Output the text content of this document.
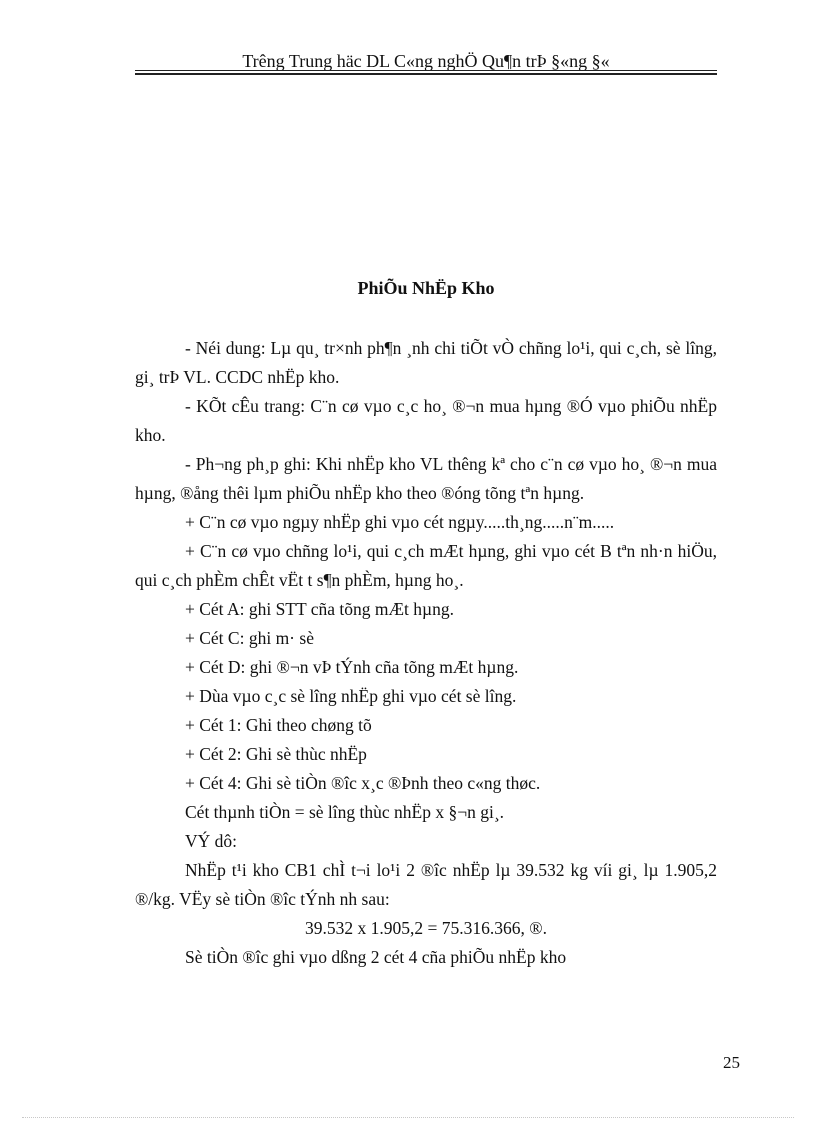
Trêng Trung häc DL C«ng nghÖ Qu¶n trÞ §«ng §«
PhiÕu NhËp Kho

- Néi dung: Lµ qu¸ tr×nh ph¶n ¸nh chi tiÕt vÒ chñng lo¹i, qui c¸ch, sè lîng, gi¸ trÞ VL. CCDC nhËp kho.

- KÕt cÊu trang: C¨n cø vµo c¸c ho¸ ®¬n mua hµng ®Ó vµo phiÕu nhËp kho.

- Ph¬ng ph¸p ghi: Khi nhËp kho VL thêng kª cho c¨n cø vµo ho¸ ®¬n mua hµng, ®ång thêi lµm phiÕu nhËp kho theo ®óng tõng tªn hµng.

+ C¨n cø vµo ngµy nhËp ghi vµo cét ngµy.....th¸ng.....n¨m.....

+ C¨n cø vµo chñng lo¹i, qui c¸ch mÆt hµng, ghi vµo cét B tªn nh·n hiÖu, qui c¸ch phÈm chÊt vËt t s¶n phÈm, hµng ho¸.

+ Cét A: ghi STT cña tõng mÆt hµng.

+ Cét C: ghi m· sè

+ Cét D: ghi ®¬n vÞ tÝnh cña tõng mÆt hµng.

+ Dùa vµo c¸c sè lîng nhËp ghi vµo cét sè lîng.

+ Cét 1: Ghi theo chøng tõ

+ Cét 2: Ghi sè thùc nhËp

+ Cét 4: Ghi sè tiÒn ®îc x¸c ®Þnh theo c«ng thøc.

Cét thµnh tiÒn = sè lîng thùc nhËp x §¬n gi¸.

VÝ dô:

NhËp t¹i kho CB1 chÌ t¬i lo¹i 2 ®îc nhËp lµ 39.532 kg víi gi¸ lµ 1.905,2 ®/kg. VËy sè tiÒn ®îc tÝnh nh sau:

39.532 x 1.905,2 = 75.316.366, ®.

Sè tiÒn ®îc ghi vµo dßng 2 cét 4 cña phiÕu nhËp kho

25
